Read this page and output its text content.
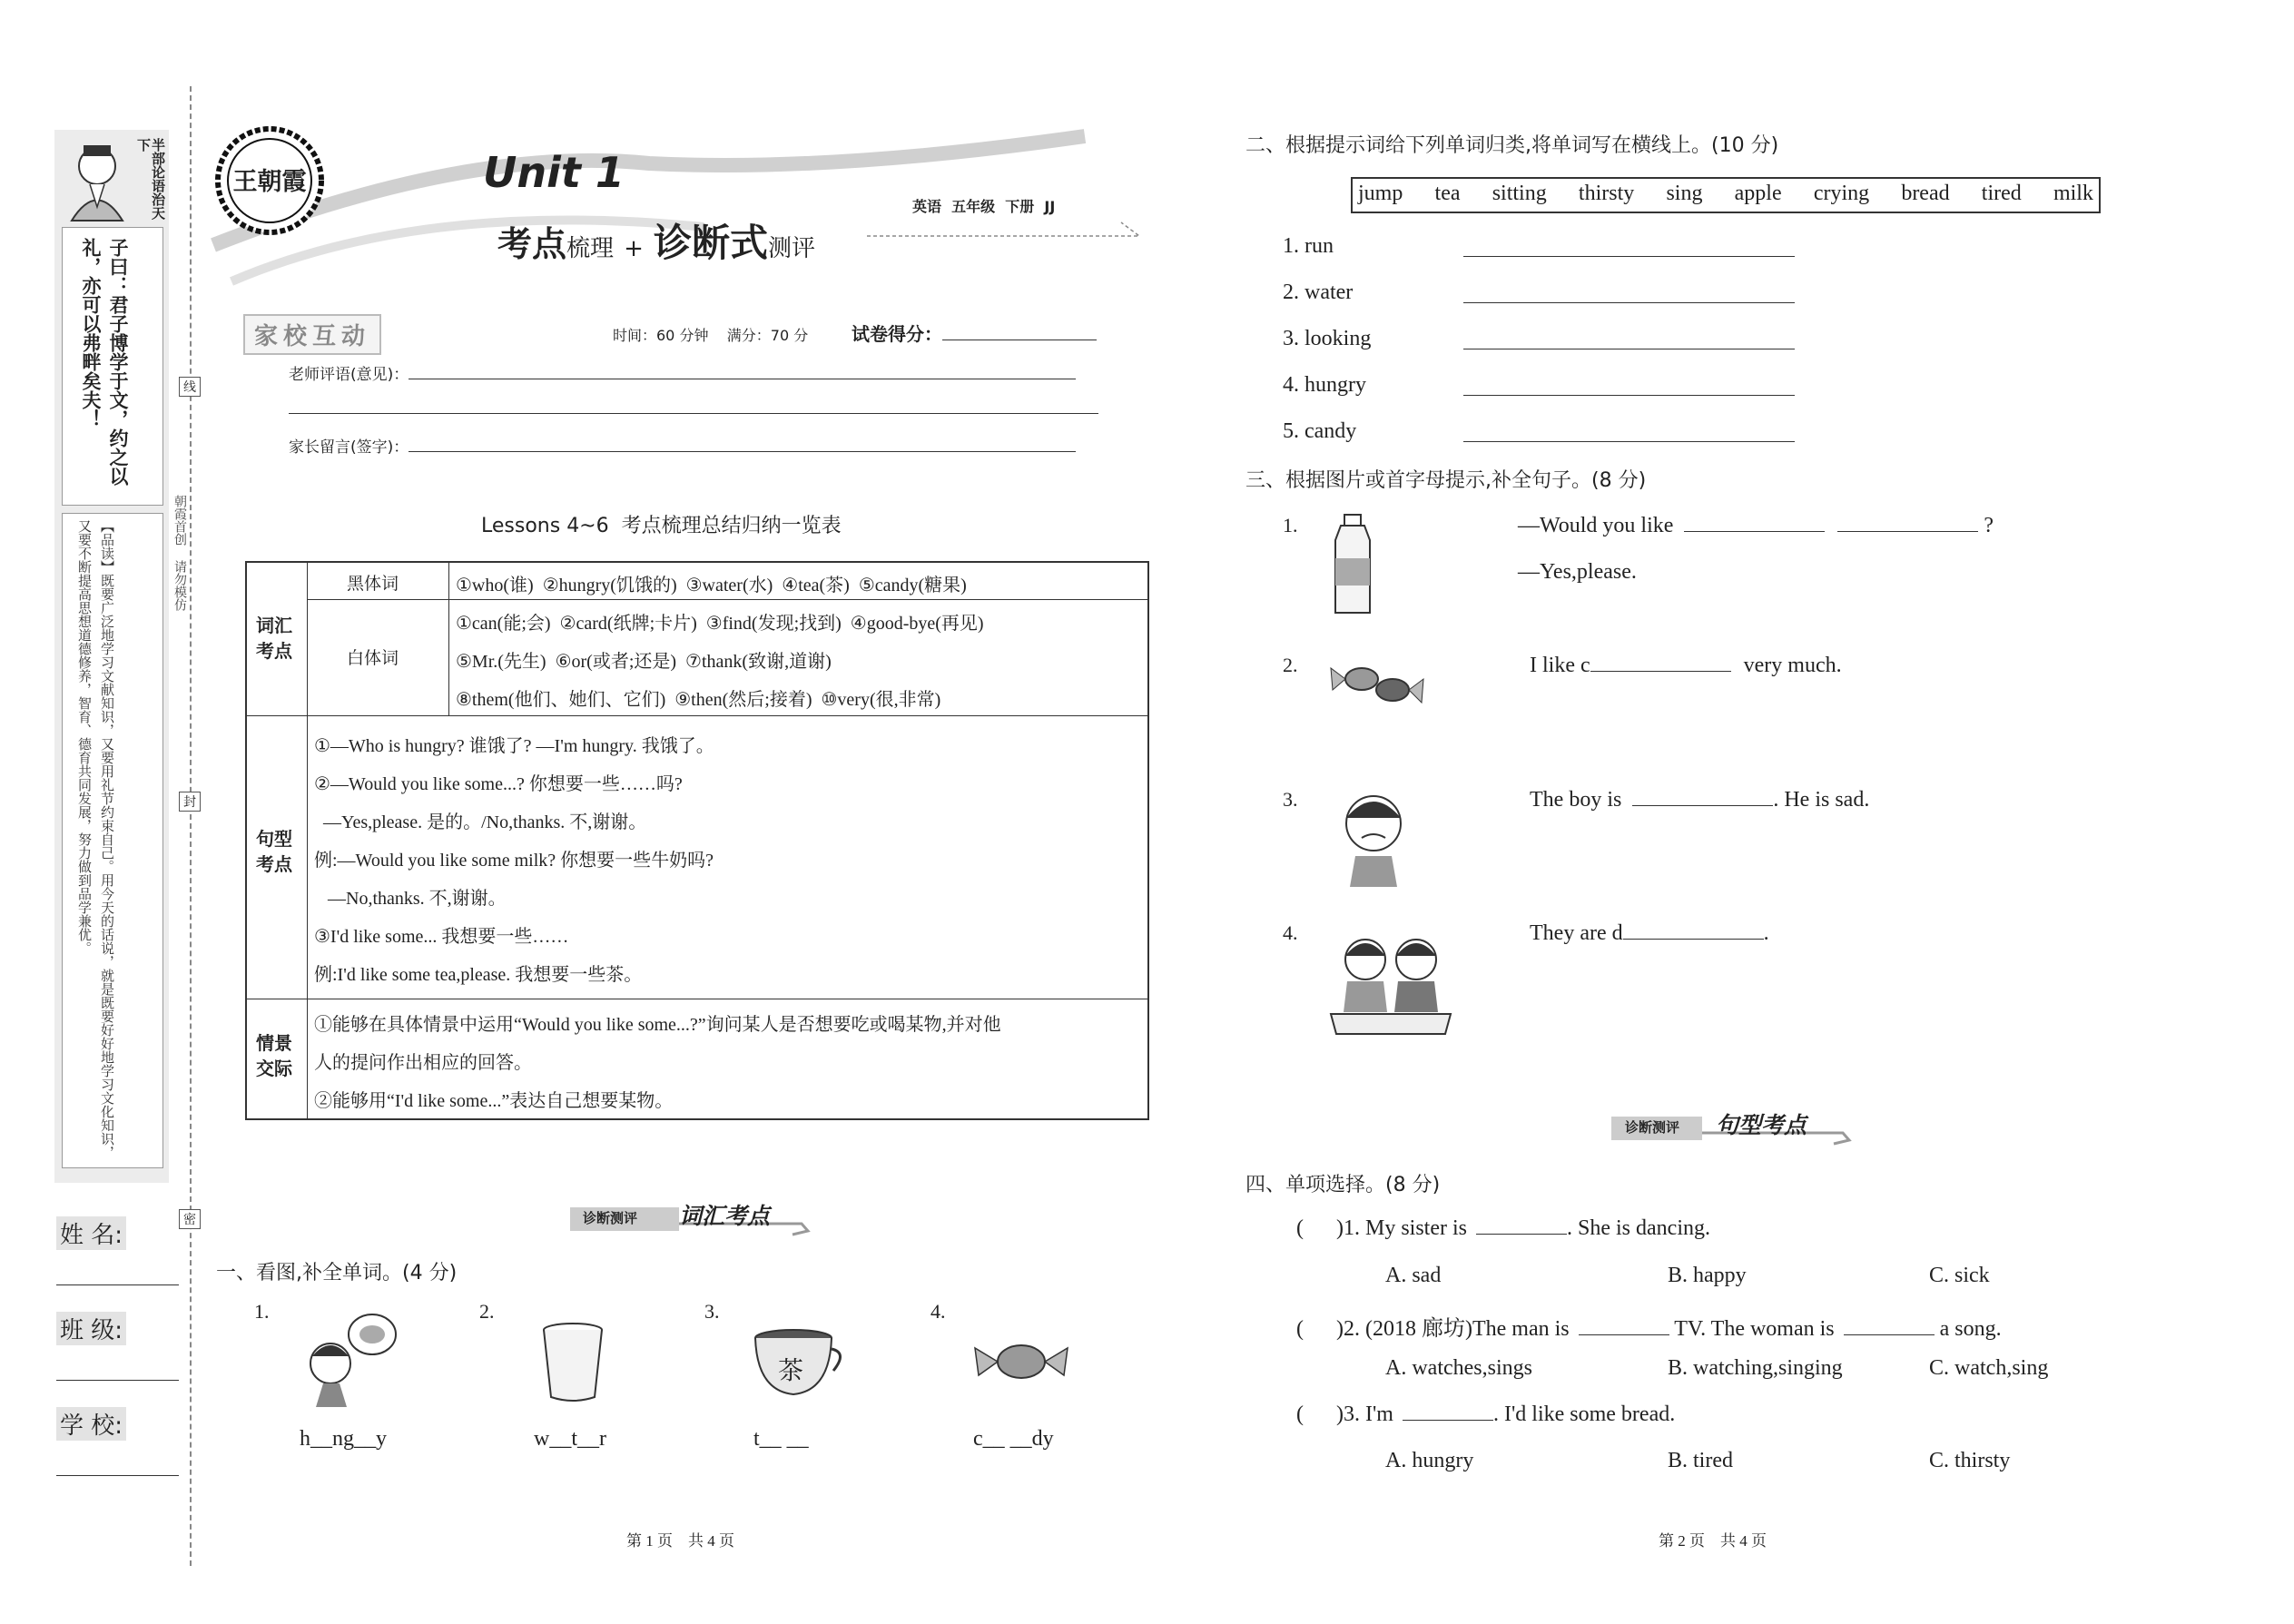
半部论语治天下
子曰：君子博学于文，约之以礼，亦可以弗畔矣夫！
【品读】既要广泛地学习文献知识，又要用礼节约束自己。用今天的话说，就是既要好好地学习文化知识，又要不断提高思想道德修养，智育、德育共同发展，努力做到品学兼优。
线
封
密
朝霞首创 请勿模仿
姓 名:
班 级:
学 校:
王朝霞	Unit 1
考点梳理 + 诊断式测评
英语  五年级  下册  JJ
家校互动	时间：60 分钟    满分：70 分 试卷得分：
老师评语(意见)：
家长留言(签字)：
Lessons 4~6  考点梳理总结归纳一览表
词汇考点
黑体词	①who(谁)  ②hungry(饥饿的)  ③water(水)  ④tea(茶)  ⑤candy(糖果)
白体词
①can(能;会)  ②card(纸牌;卡片)  ③find(发现;找到)  ④good-bye(再见)
⑤Mr.(先生)  ⑥or(或者;还是)  ⑦thank(致谢,道谢)
⑧them(他们、她们、它们)  ⑨then(然后;接着)  ⑩very(很,非常)
句型考点
①—Who is hungry? 谁饿了? —I'm hungry. 我饿了。
②—Would you like some...? 你想要一些……吗?
—Yes,please. 是的。/No,thanks. 不,谢谢。
例:—Would you like some milk? 你想要一些牛奶吗?
—No,thanks. 不,谢谢。
③I'd like some... 我想要一些……
例:I'd like some tea,please. 我想要一些茶。
情景交际
①能够在具体情景中运用“Would you like some...?”询问某人是否想要吃或喝某物,并对他
人的提问作出相应的回答。
②能够用“I'd like some...”表达自己想要某物。
诊断测评 词汇考点
一、看图,补全单词。(4 分)
1.
h__ng__y
2.
w__t__r
3.
茶
t__ __
4.
c__ __dy
第 1 页    共 4 页
二、根据提示词给下列单词归类,将单词写在横线上。(10 分)
jump tea sitting thirsty sing apple crying bread tired milk
1. run
2. water
3. looking
4. hungry
5. candy
三、根据图片或首字母提示,补全句子。(8 分)
1.	—Would you like	?
—Yes,please.
2.	I like c	very much.
3.	The boy is	. He is sad.
4.	They are d	.
诊断测评 句型考点
四、单项选择。(8 分)
(      )1. My sister is	. She is dancing.
A. sad	B. happy	C. sick
(      )2. (2018 廊坊)The man is	TV. The woman is	a song.
A. watches,sings	B. watching,singing	C. watch,sing
(      )3. I'm	. I'd like some bread.
A. hungry	B. tired	C. thirsty
第 2 页    共 4 页
